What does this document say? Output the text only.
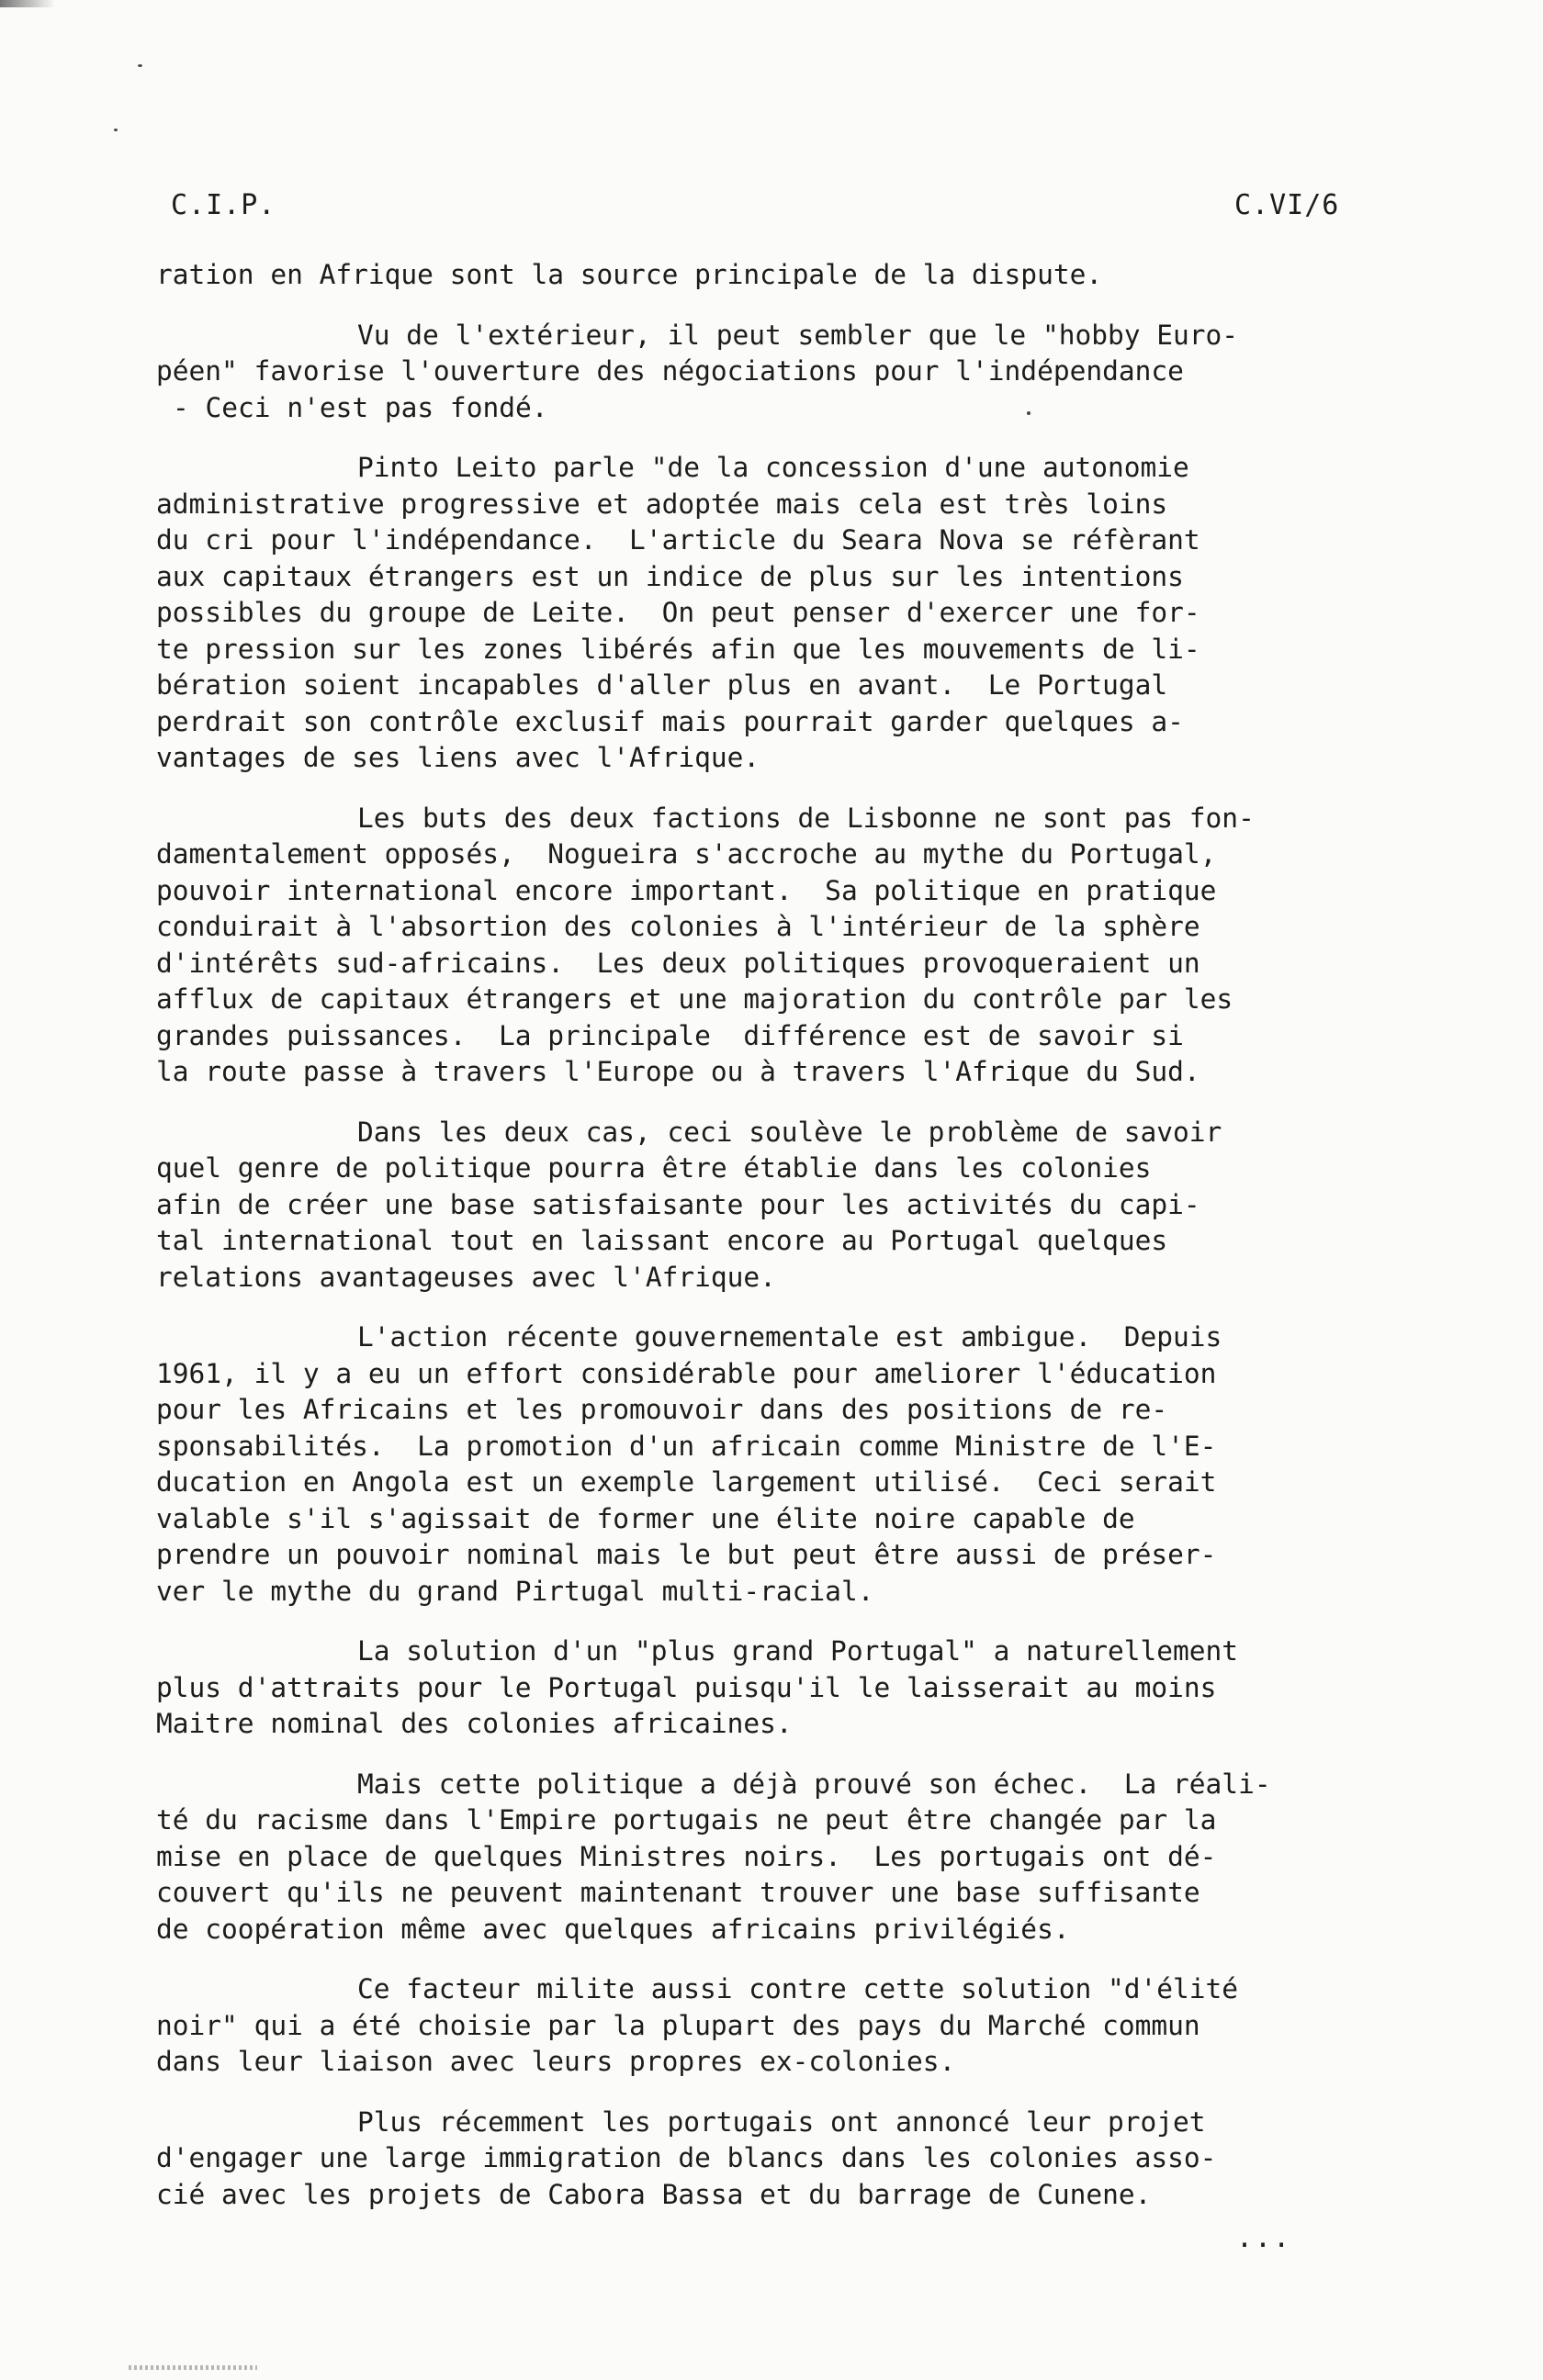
C.I.P.	C.VI/6
ration en Afrique sont la source principale de la dispute.
Vu de l'extérieur, il peut sembler que le "hobby Euro-
péen" favorise l'ouverture des négociations pour l'indépendance
- Ceci n'est pas fondé.
Pinto Leito parle "de la concession d'une autonomie
administrative progressive et adoptée mais cela est très loins
du cri pour l'indépendance.  L'article du Seara Nova se réfèrant
aux capitaux étrangers est un indice de plus sur les intentions
possibles du groupe de Leite.  On peut penser d'exercer une for-
te pression sur les zones libérés afin que les mouvements de li-
bération soient incapables d'aller plus en avant.  Le Portugal
perdrait son contrôle exclusif mais pourrait garder quelques a-
vantages de ses liens avec l'Afrique.
Les buts des deux factions de Lisbonne ne sont pas fon-
damentalement opposés,  Nogueira s'accroche au mythe du Portugal,
pouvoir international encore important.  Sa politique en pratique
conduirait à l'absortion des colonies à l'intérieur de la sphère
d'intérêts sud-africains.  Les deux politiques provoqueraient un
afflux de capitaux étrangers et une majoration du contrôle par les
grandes puissances.  La principale  différence est de savoir si
la route passe à travers l'Europe ou à travers l'Afrique du Sud.
Dans les deux cas, ceci soulève le problème de savoir
quel genre de politique pourra être établie dans les colonies
afin de créer une base satisfaisante pour les activités du capi-
tal international tout en laissant encore au Portugal quelques
relations avantageuses avec l'Afrique.
L'action récente gouvernementale est ambigue.  Depuis
1961, il y a eu un effort considérable pour ameliorer l'éducation
pour les Africains et les promouvoir dans des positions de re-
sponsabilités.  La promotion d'un africain comme Ministre de l'E-
ducation en Angola est un exemple largement utilisé.  Ceci serait
valable s'il s'agissait de former une élite noire capable de
prendre un pouvoir nominal mais le but peut être aussi de préser-
ver le mythe du grand Pirtugal multi-racial.
La solution d'un "plus grand Portugal" a naturellement
plus d'attraits pour le Portugal puisqu'il le laisserait au moins
Maitre nominal des colonies africaines.
Mais cette politique a déjà prouvé son échec.  La réali-
té du racisme dans l'Empire portugais ne peut être changée par la
mise en place de quelques Ministres noirs.  Les portugais ont dé-
couvert qu'ils ne peuvent maintenant trouver une base suffisante
de coopération même avec quelques africains privilégiés.
Ce facteur milite aussi contre cette solution "d'élité
noir" qui a été choisie par la plupart des pays du Marché commun
dans leur liaison avec leurs propres ex-colonies.
Plus récemment les portugais ont annoncé leur projet
d'engager une large immigration de blancs dans les colonies asso-
cié avec les projets de Cabora Bassa et du barrage de Cunene.
...
